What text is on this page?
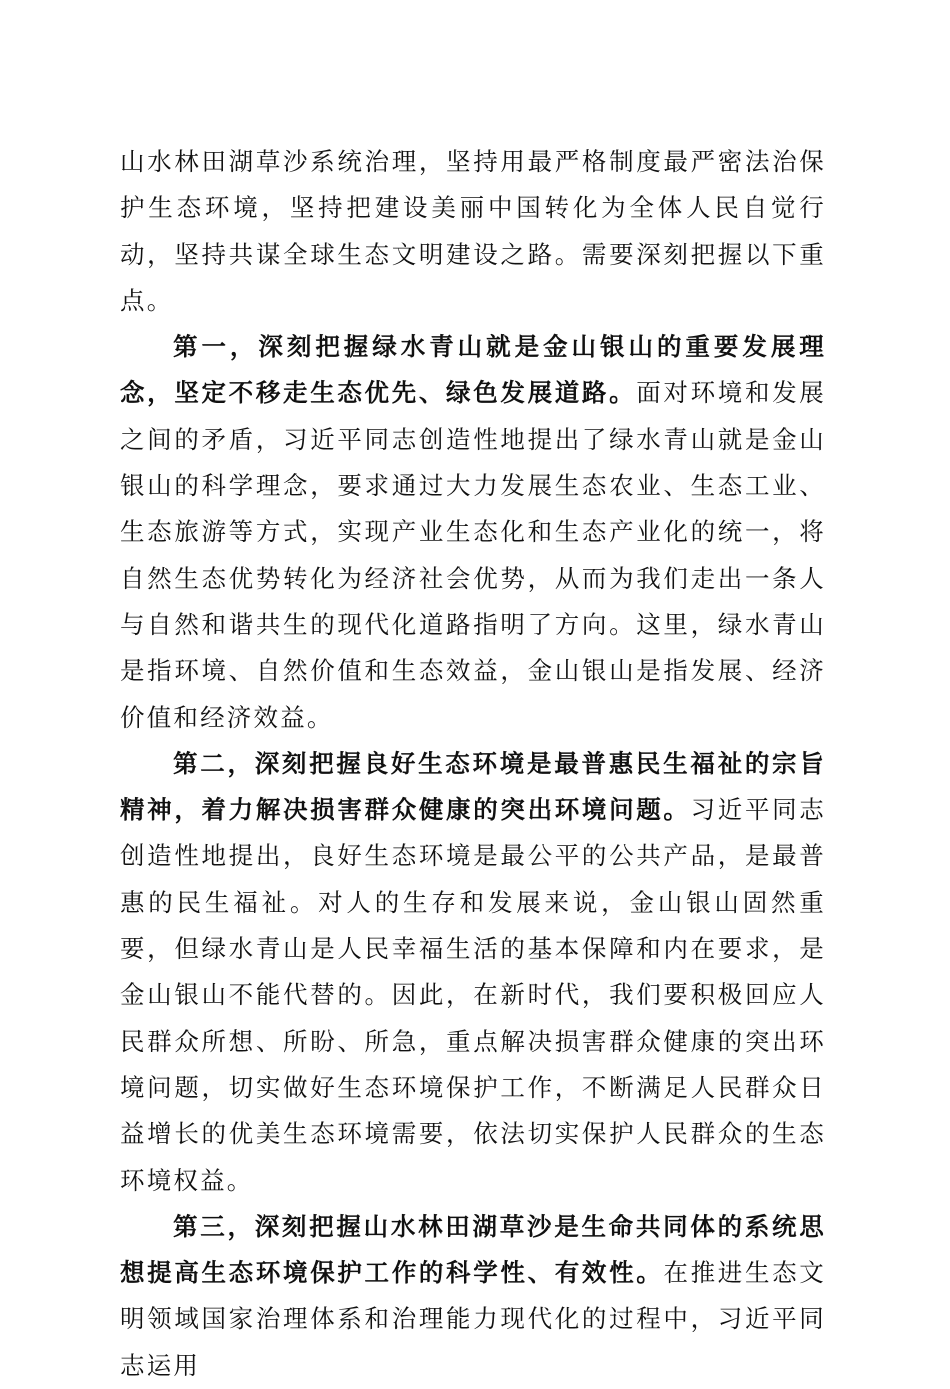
山水林田湖草沙系统治理，坚持用最严格制度最严密法治保护生态环境，坚持把建设美丽中国转化为全体人民自觉行动，坚持共谋全球生态文明建设之路。需要深刻把握以下重点。

第一，深刻把握绿水青山就是金山银山的重要发展理念，坚定不移走生态优先、绿色发展道路。面对环境和发展之间的矛盾，习近平同志创造性地提出了绿水青山就是金山银山的科学理念，要求通过大力发展生态农业、生态工业、生态旅游等方式，实现产业生态化和生态产业化的统一，将自然生态优势转化为经济社会优势，从而为我们走出一条人与自然和谐共生的现代化道路指明了方向。这里，绿水青山是指环境、自然价值和生态效益，金山银山是指发展、经济价值和经济效益。

第二，深刻把握良好生态环境是最普惠民生福祉的宗旨精神，着力解决损害群众健康的突出环境问题。习近平同志创造性地提出，良好生态环境是最公平的公共产品，是最普惠的民生福祉。对人的生存和发展来说，金山银山固然重要，但绿水青山是人民幸福生活的基本保障和内在要求，是金山银山不能代替的。因此，在新时代，我们要积极回应人民群众所想、所盼、所急，重点解决损害群众健康的突出环境问题，切实做好生态环境保护工作，不断满足人民群众日益增长的优美生态环境需要，依法切实保护人民群众的生态环境权益。

第三，深刻把握山水林田湖草沙是生命共同体的系统思想提高生态环境保护工作的科学性、有效性。在推进生态文明领域国家治理体系和治理能力现代化的过程中，习近平同志运用
